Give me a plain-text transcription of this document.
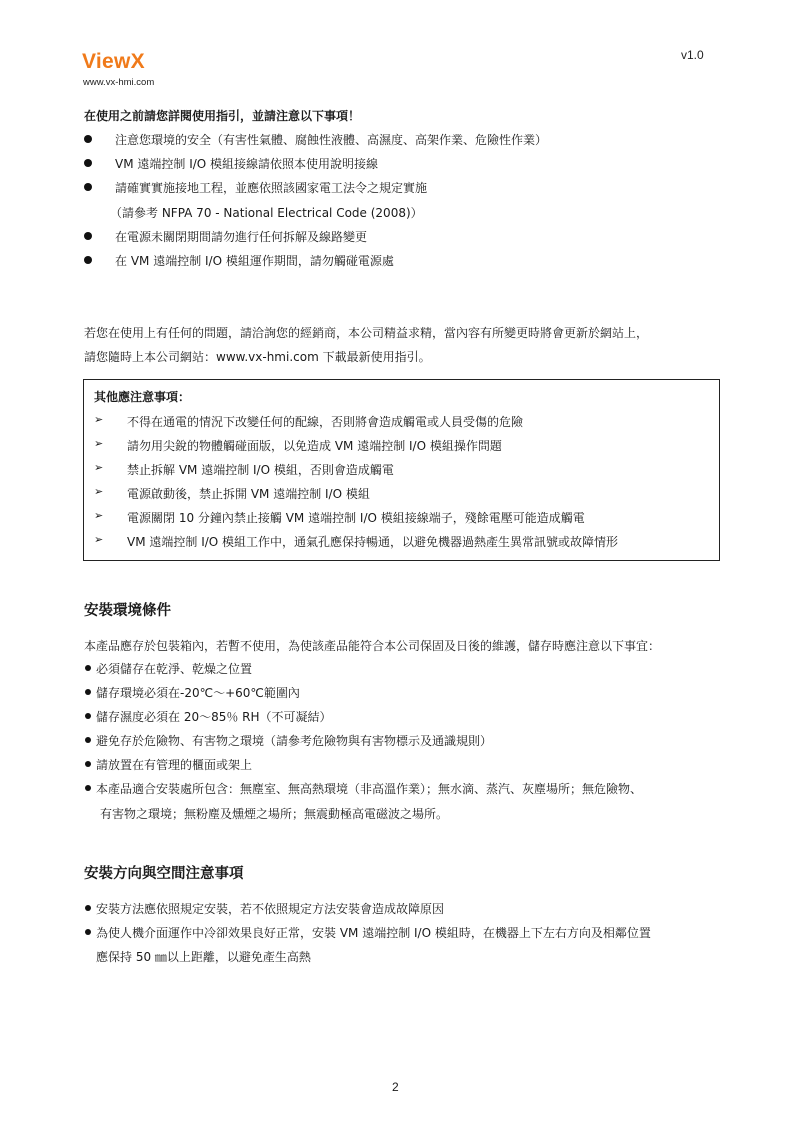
ViewX
www.vx-hmi.com
v1.0
在使用之前請您詳閱使用指引，並請注意以下事項！
注意您環境的安全（有害性氣體、腐蝕性液體、高濕度、高架作業、危險性作業）
VM 遠端控制 I/O 模組接線請依照本使用說明接線
請確實實施接地工程，並應依照該國家電工法令之規定實施
（請參考 NFPA 70 - National Electrical Code (2008)）
在電源未關閉期間請勿進行任何拆解及線路變更
在 VM 遠端控制 I/O 模組運作期間，請勿觸碰電源處
若您在使用上有任何的問題，請洽詢您的經銷商，本公司精益求精，當內容有所變更時將會更新於網站上，
請您隨時上本公司網站：www.vx-hmi.com 下載最新使用指引。
其他應注意事項：
➢ 不得在通電的情況下改變任何的配線，否則將會造成觸電或人員受傷的危險
➢ 請勿用尖銳的物體觸碰面版，以免造成 VM 遠端控制 I/O 模組操作問題
➢ 禁止拆解 VM 遠端控制 I/O 模組，否則會造成觸電
➢ 電源啟動後，禁止拆開 VM 遠端控制 I/O 模組
➢ 電源關閉 10 分鐘內禁止接觸 VM 遠端控制 I/O 模組接線端子，殘餘電壓可能造成觸電
➢ VM 遠端控制 I/O 模組工作中，通氣孔應保持暢通，以避免機器過熱產生異常訊號或故障情形
安裝環境條件
本產品應存於包裝箱內，若暫不使用，為使該產品能符合本公司保固及日後的維護，儲存時應注意以下事宜：
必須儲存在乾淨、乾燥之位置
儲存環境必須在-20℃～+60℃範圍內
儲存濕度必須在 20～85％ RH（不可凝結）
避免存於危險物、有害物之環境（請參考危險物與有害物標示及通識規則）
請放置在有管理的櫃面或架上
本產品適合安裝處所包含：無塵室、無高熱環境（非高溫作業）；無水滴、蒸汽、灰塵場所；無危險物、
有害物之環境；無粉塵及燻煙之場所；無震動極高電磁波之場所。
安裝方向與空間注意事項
安裝方法應依照規定安裝，若不依照規定方法安裝會造成故障原因
為使人機介面運作中冷卻效果良好正常，安裝 VM 遠端控制 I/O 模組時，在機器上下左右方向及相鄰位置
應保持 50 ㎜以上距離，以避免產生高熱
2
